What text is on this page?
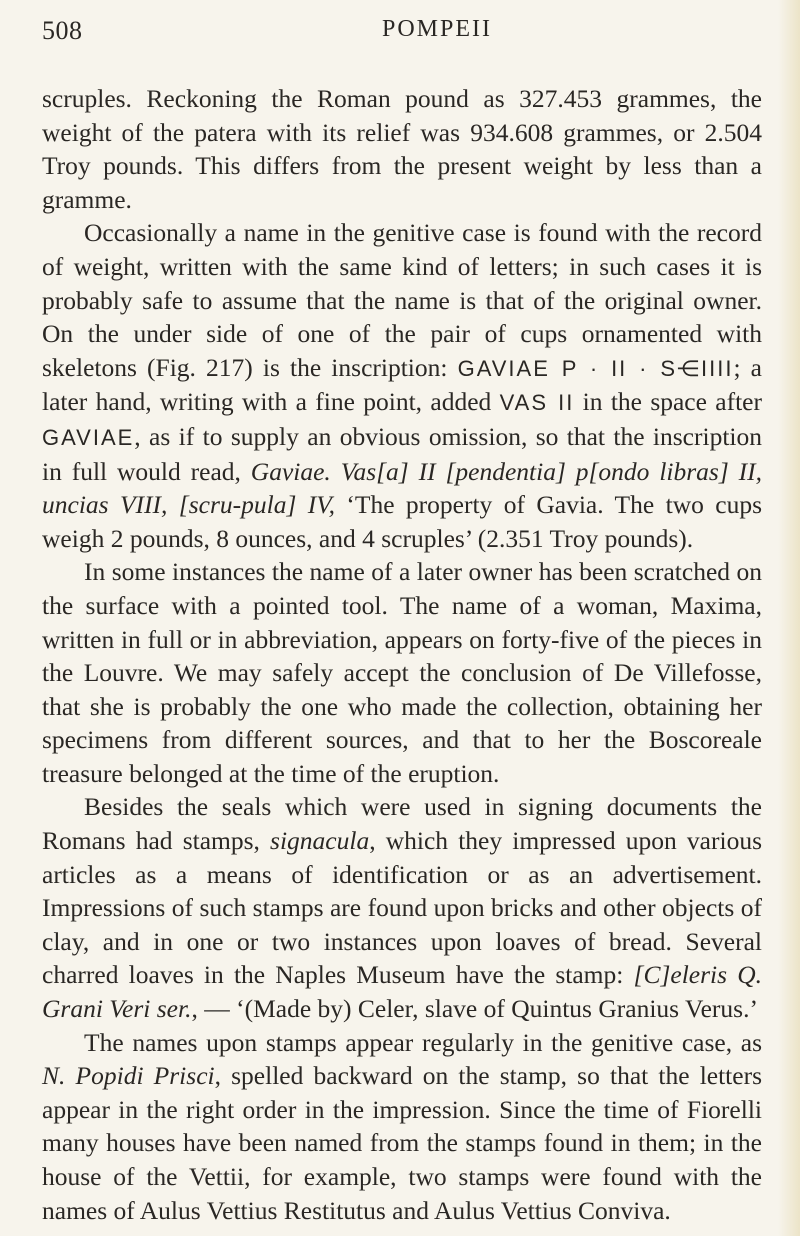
508	POMPEII

scruples. Reckoning the Roman pound as 327.453 grammes, the weight of the patera with its relief was 934.608 grammes, or 2.504 Troy pounds. This differs from the present weight by less than a gramme.

Occasionally a name in the genitive case is found with the record of weight, written with the same kind of letters; in such cases it is probably safe to assume that the name is that of the original owner. On the under side of one of the pair of cups ornamented with skeletons (Fig. 217) is the inscription: GAVIAE P · II · S⋲IIII; a later hand, writing with a fine point, added VAS II in the space after GAVIAE, as if to supply an obvious omission, so that the inscription in full would read, Gaviae. Vas[a] II [pendentia] p[ondo libras] II, uncias VIII, [scru-pula] IV, ‘The property of Gavia. The two cups weigh 2 pounds, 8 ounces, and 4 scruples’ (2.351 Troy pounds).

In some instances the name of a later owner has been scratched on the surface with a pointed tool. The name of a woman, Maxima, written in full or in abbreviation, appears on forty-five of the pieces in the Louvre. We may safely accept the conclusion of De Villefosse, that she is probably the one who made the collection, obtaining her specimens from different sources, and that to her the Boscoreale treasure belonged at the time of the eruption.

Besides the seals which were used in signing documents the Romans had stamps, signacula, which they impressed upon various articles as a means of identification or as an advertisement. Impressions of such stamps are found upon bricks and other objects of clay, and in one or two instances upon loaves of bread. Several charred loaves in the Naples Museum have the stamp: [C]eleris Q. Grani Veri ser., — ‘(Made by) Celer, slave of Quintus Granius Verus.’

The names upon stamps appear regularly in the genitive case, as N. Popidi Prisci, spelled backward on the stamp, so that the letters appear in the right order in the impression. Since the time of Fiorelli many houses have been named from the stamps found in them; in the house of the Vettii, for example, two stamps were found with the names of Aulus Vettius Restitutus and Aulus Vettius Conviva.
